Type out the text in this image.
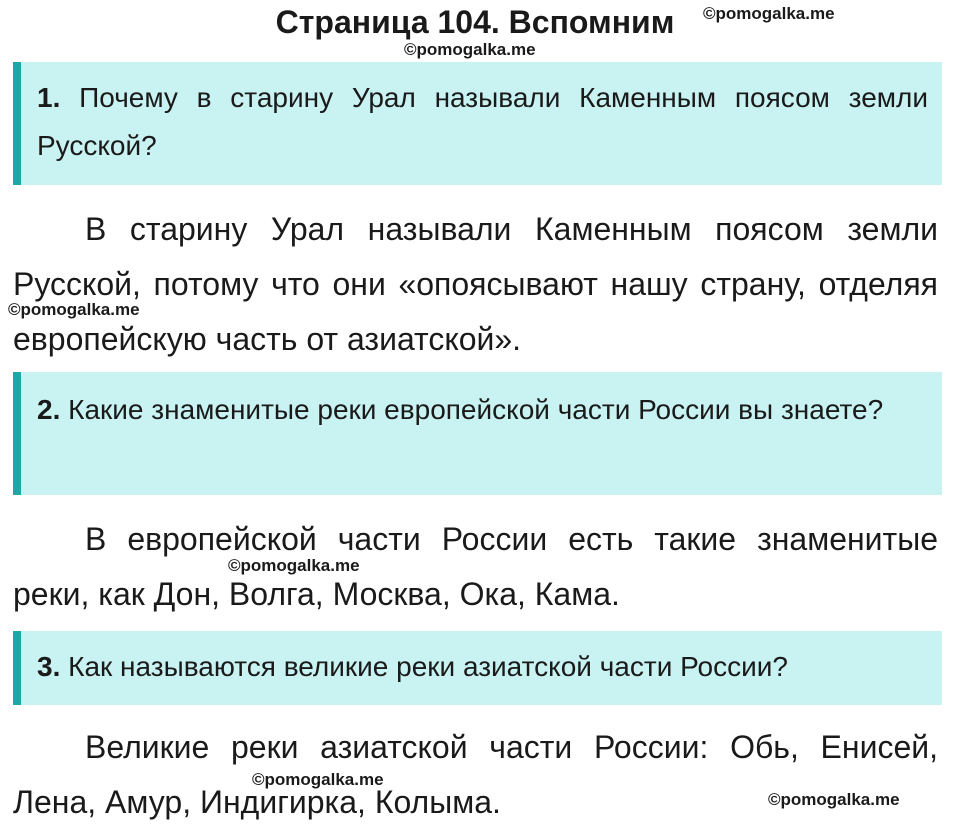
Страница 104. Вспомним	©pomogalka.me
©pomogalka.me
1. Почему в старину Урал называли Каменным поясом земли Русской?
В старину Урал называли Каменным поясом земли Русской, потому что они «опоясывают нашу страну, отделяя европейскую часть от азиатской».
©pomogalka.me
2. Какие знаменитые реки европейской части России вы знаете?
В европейской части России есть такие знаменитые реки, как Дон, Волга, Москва, Ока, Кама.
©pomogalka.me
3. Как называются великие реки азиатской части России?
Великие реки азиатской части России: Обь, Енисей, Лена, Амур, Индигирка, Колыма.
©pomogalka.me
©pomogalka.me
